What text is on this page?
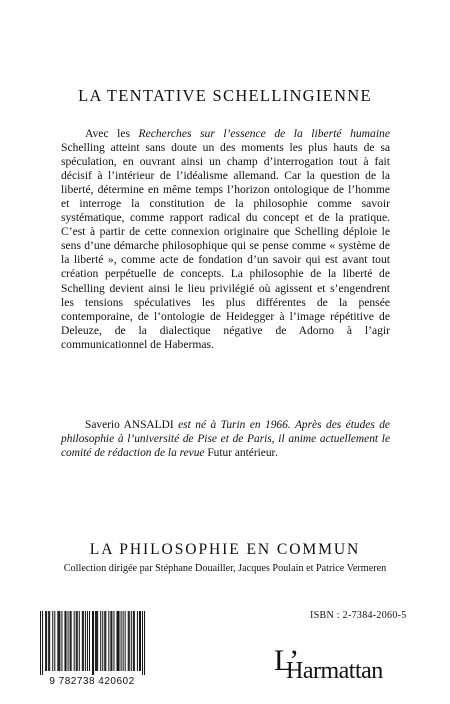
LA TENTATIVE SCHELLINGIENNE

Avec les Recherches sur l’essence de la liberté humaine Schelling atteint sans doute un des moments les plus hauts de sa spéculation, en ouvrant ainsi un champ d’interrogation tout à fait décisif à l’intérieur de l’idéalisme allemand. Car la question de la liberté, détermine en même temps l’horizon ontologique de l’homme et interroge la constitution de la philosophie comme savoir systématique, comme rapport radical du concept et de la pratique. C’est à partir de cette connexion originaire que Schelling déploie le sens d’une démarche philosophique qui se pense comme « système de la liberté », comme acte de fondation d’un savoir qui est avant tout création perpétuelle de concepts. La philosophie de la liberté de Schelling devient ainsi le lieu privilégié où agissent et s’engendrent les tensions spéculatives les plus différentes de la pensée contemporaine, de l’ontologie de Heidegger à l’image répétitive de Deleuze, de la dialectique négative de Adorno à l’agir communicationnel de Habermas.

Saverio ANSALDI est né à Turin en 1966. Après des études de philosophie à l’université de Pise et de Paris, il anime actuellement le comité de rédaction de la revue Futur antérieur.

LA PHILOSOPHIE EN COMMUN
Collection dirigée par Stéphane Douailler, Jacques Poulain et Patrice Vermeren
ISBN : 2-7384-2060-5
9 782738 420602
L’
Harmattan
